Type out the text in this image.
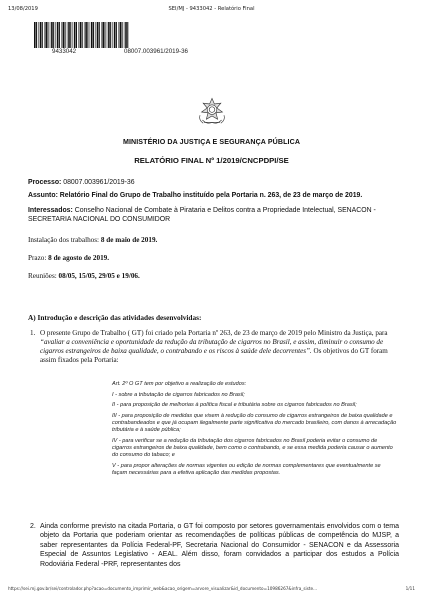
13/08/2019	SEI/MJ - 9433042 - Relatório Final
9433042	08007.003961/2019-36
MINISTÉRIO DA JUSTIÇA E SEGURANÇA PÚBLICA
RELATÓRIO FINAL Nº 1/2019/CNCPDPI/SE
Processo: 08007.003961/2019-36
Assunto: Relatório Final do Grupo de Trabalho instituído pela Portaria n. 263, de 23 de março de 2019.
Interessados: Conselho Nacional de Combate à Pirataria e Delitos contra a Propriedade Intelectual, SENACON - SECRETARIA NACIONAL DO CONSUMIDOR
Instalação dos trabalhos: 8 de maio de 2019.
Prazo: 8 de agosto de 2019.
Reuniões: 08/05, 15/05, 29/05 e 19/06.
A) Introdução e descrição das atividades desenvolvidas:
1. O presente Grupo de Trabalho ( GT) foi criado pela Portaria nº 263, de 23 de março de 2019 pelo Ministro da Justiça, para “avaliar a conveniência e oportunidade da redução da tributação de cigarros no Brasil, e assim, diminuir o consumo de cigarros estrangeiros de baixa qualidade, o contrabando e os riscos à saúde dele decorrentes”. Os objetivos do GT foram assim fixados pela Portaria:

Art. 2º O GT tem por objetivo a realização de estudos:

I - sobre a tributação de cigarros fabricados no Brasil;

II - para proposição de melhorias à política fiscal e tributária sobre os cigarros fabricados no Brasil;

III - para proposição de medidas que visem à redução do consumo de cigarros estrangeiros de baixa qualidade e contrabandeados e que já ocupam ilegalmente parte significativa do mercado brasileiro, com danos à arrecadação tributária e à saúde pública;

IV - para verificar se a redução da tributação dos cigarros fabricados no Brasil poderia evitar o consumo de cigarros estrangeiros de baixa qualidade, bem como o contrabando, e se essa medida poderia causar o aumento do consumo do tabaco; e

V - para propor alterações de normas vigentes ou edição de normas complementares que eventualmente se façam necessárias para a efetiva aplicação das medidas propostas.

2. Ainda conforme previsto na citada Portaria, o GT foi composto por setores governamentais envolvidos com o tema objeto da Portaria que poderiam orientar as recomendações de políticas públicas de competência do MJSP, a saber representantes da Polícia Federal-PF, Secretaria Nacional do Consumidor - SENACON e da Assessoria Especial de Assuntos Legislativo - AEAL. Além disso, foram convidados a participar dos estudos a Polícia Rodoviária Federal -PRF, representantes dos
https://sei.mj.gov.br/sei/controlador.php?acao=documento_imprimir_web&acao_origem=arvore_visualizar&id_documento=10986267&infra_siste...	1/11
